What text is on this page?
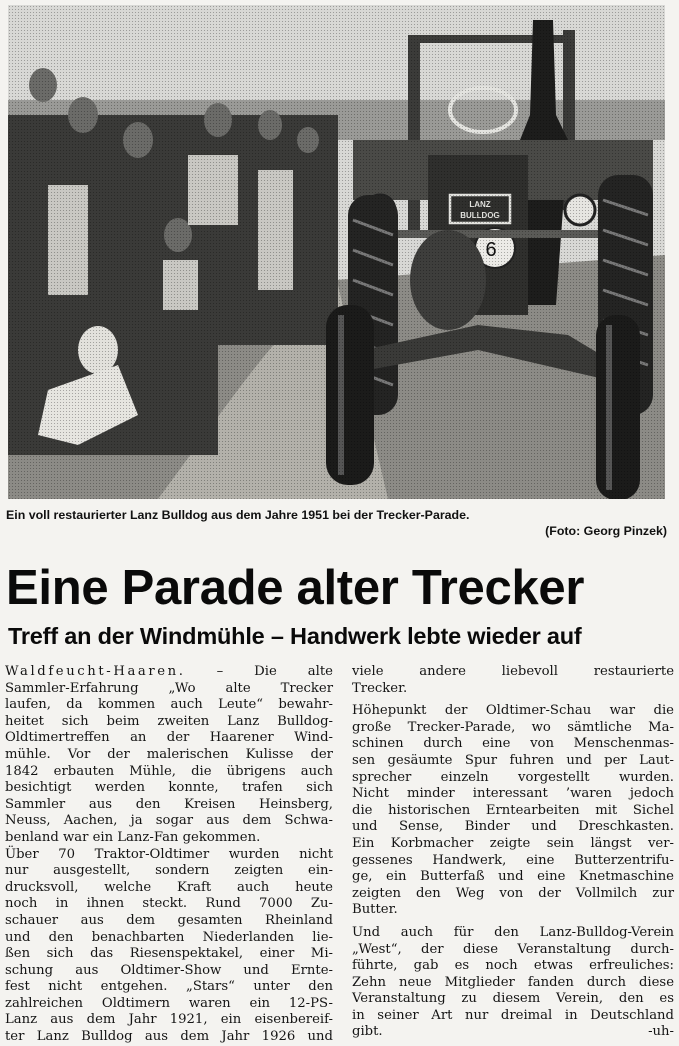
Ein voll restaurierter Lanz Bulldog aus dem Jahre 1951 bei der Trecker-Parade.
(Foto: Georg Pinzek)
Eine Parade alter Trecker
Treff an der Windmühle – Handwerk lebte wieder auf
Waldfeucht-Haaren. – Die alte
Sammler-Erfahrung „Wo alte Trecker
laufen, da kommen auch Leute“ bewahr-
heitet sich beim zweiten Lanz Bulldog-
Oldtimertreffen an der Haarener Wind-
mühle. Vor der malerischen Kulisse der
1842 erbauten Mühle, die übrigens auch
besichtigt werden konnte, trafen sich
Sammler aus den Kreisen Heinsberg,
Neuss, Aachen, ja sogar aus dem Schwa-
benland war ein Lanz-Fan gekommen.
Über 70 Traktor-Oldtimer wurden nicht
nur ausgestellt, sondern zeigten ein-
drucksvoll, welche Kraft auch heute
noch in ihnen steckt. Rund 7000 Zu-
schauer aus dem gesamten Rheinland
und den benachbarten Niederlanden lie-
ßen sich das Riesenspektakel, einer Mi-
schung aus Oldtimer-Show und Ernte-
fest nicht entgehen. „Stars“ unter den
zahlreichen Oldtimern waren ein 12-PS-
Lanz aus dem Jahr 1921, ein eisenbereif-
ter Lanz Bulldog aus dem Jahr 1926 und

viele andere liebevoll restaurierte
Trecker.

Höhepunkt der Oldtimer-Schau war die
große Trecker-Parade, wo sämtliche Ma-
schinen durch eine von Menschenmas-
sen gesäumte Spur fuhren und per Laut-
sprecher einzeln vorgestellt wurden.
Nicht minder interessant ’waren jedoch
die historischen Erntearbeiten mit Sichel
und Sense, Binder und Dreschkasten.
Ein Korbmacher zeigte sein längst ver-
gessenes Handwerk, eine Butterzentrifu-
ge, ein Butterfaß und eine Knetmaschine
zeigten den Weg von der Vollmilch zur
Butter.

Und auch für den Lanz-Bulldog-Verein
„West“, der diese Veranstaltung durch-
führte, gab es noch etwas erfreuliches:
Zehn neue Mitglieder fanden durch diese
Veranstaltung zu diesem Verein, den es
in seiner Art nur dreimal in Deutschland
gibt.	-uh-
